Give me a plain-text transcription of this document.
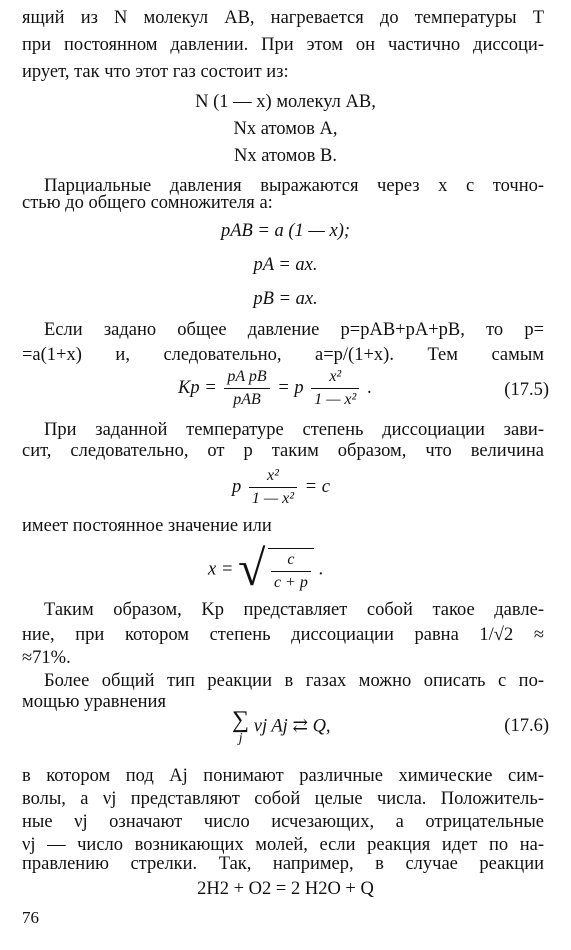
ящий из N молекул AB, нагревается до температуры T
при постоянном давлении. При этом он частично диссоци-
ирует, так что этот газ состоит из:
N (1 — x) молекул AB,
Nx атомов A,
Nx атомов B.
Парциальные давления выражаются через x с точно-
стью до общего сомножителя a:
pAB = a (1 — x);
pA = ax.
pB = ax.
Если задано общее давление p=pAB+pA+pB, то p=
=a(1+x) и, следовательно, a=p/(1+x). Тем самым
$Kp = \frac{\text{pA pB}}{\text{pAB}} = p \frac{\text{x²}}{\text{1 — x²}}$ .	(17.5)
При заданной температуре степень диссоциации зави-
сит, следовательно, от p таким образом, что величина
p $\frac{\text{x²}}{\text{1 — x²}} = c$
имеет постоянное значение или
x = √ $\frac{c}{c + p}$ .
Таким образом, Kp представляет собой такое давле-
ние, при котором степень диссоциации равна 1/√2 ≈
≈71%.
Более общий тип реакции в газах можно описать с по-
мощью уравнения
∑
j
νj Aj ⇄ Q,	(17.6)
в котором под Aj понимают различные химические сим-
волы, а νj представляют собой целые числа. Положитель-
ные νj означают число исчезающих, а отрицательные
νj — число возникающих молей, если реакция идет по на-
правлению стрелки. Так, например, в случае реакции
2H2 + O2 = 2 H2O + Q
76
